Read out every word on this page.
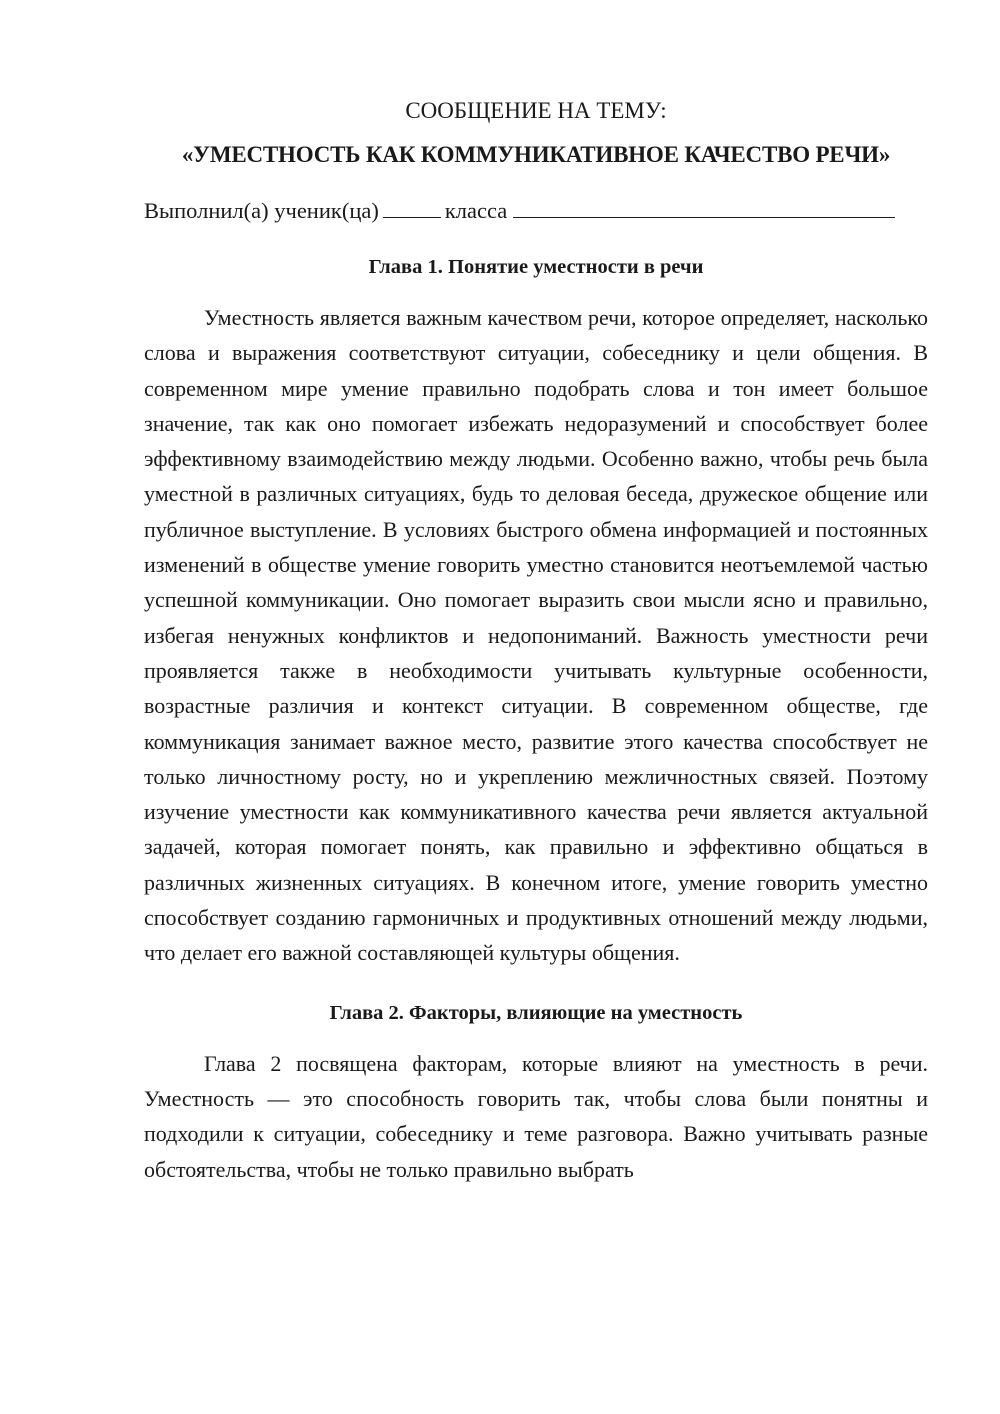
СООБЩЕНИЕ НА ТЕМУ:

«УМЕСТНОСТЬ КАК КОММУНИКАТИВНОЕ КАЧЕСТВО РЕЧИ»

Выполнил(а) ученик(ца)	класса

Глава 1. Понятие уместности в речи

Уместность является важным качеством речи, которое определяет, насколько слова и выражения соответствуют ситуации, собеседнику и цели общения. В современном мире умение правильно подобрать слова и тон имеет большое значение, так как оно помогает избежать недоразумений и способствует более эффективному взаимодействию между людьми. Особенно важно, чтобы речь была уместной в различных ситуациях, будь то деловая беседа, дружеское общение или публичное выступление. В условиях быстрого обмена информацией и постоянных изменений в обществе умение говорить уместно становится неотъемлемой частью успешной коммуникации. Оно помогает выразить свои мысли ясно и правильно, избегая ненужных конфликтов и недопониманий. Важность уместности речи проявляется также в необходимости учитывать культурные особенности, возрастные различия и контекст ситуации. В современном обществе, где коммуникация занимает важное место, развитие этого качества способствует не только личностному росту, но и укреплению межличностных связей. Поэтому изучение уместности как коммуникативного качества речи является актуальной задачей, которая помогает понять, как правильно и эффективно общаться в различных жизненных ситуациях. В конечном итоге, умение говорить уместно способствует созданию гармоничных и продуктивных отношений между людьми, что делает его важной составляющей культуры общения.

Глава 2. Факторы, влияющие на уместность

Глава 2 посвящена факторам, которые влияют на уместность в речи. Уместность — это способность говорить так, чтобы слова были понятны и подходили к ситуации, собеседнику и теме разговора. Важно учитывать разные обстоятельства, чтобы не только правильно выбрать
